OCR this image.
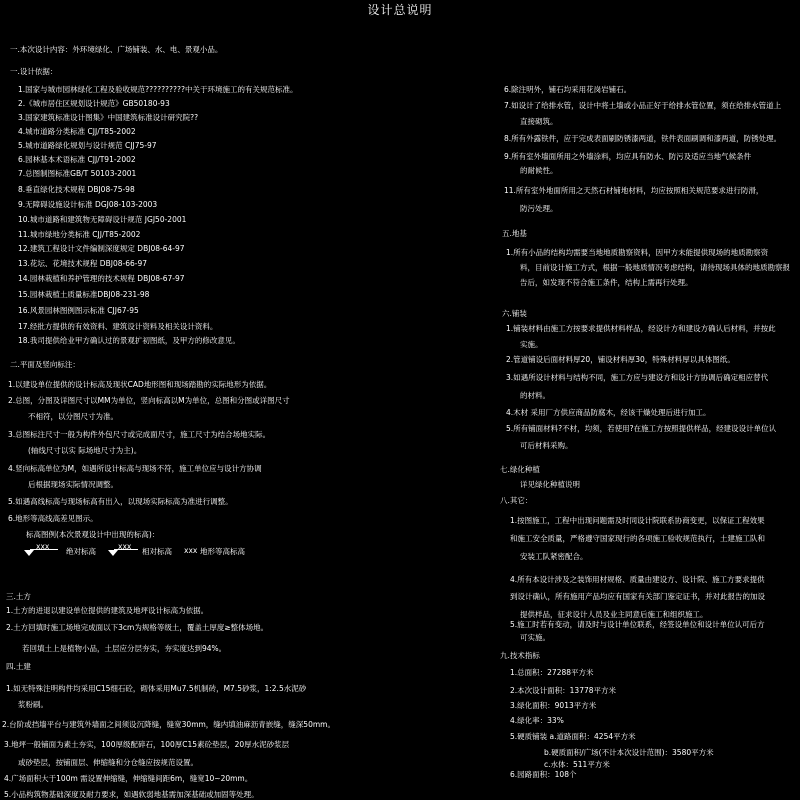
设计总说明
一.本次设计内容：外环境绿化、广场铺装、水、电、景观小品。
一.设计依据：
1.国家与城市园林绿化工程及验收规范??????????中关于环境施工的有关规范标准。
2.《城市居住区规划设计规范》GB50180-93
3.国家建筑标准设计图集》中国建筑标准设计研究院??
4.城市道路分类标准 CJJ/T85-2002
5.城市道路绿化规划与设计规范 CJJ75-97
6.园林基本术语标准 CJJ/T91-2002
7.总图制图标准GB/T 50103-2001
8.垂直绿化技术规程 DBJ08-75-98
9.无障碍设施设计标准 DGJ08-103-2003
10.城市道路和建筑物无障碍设计规范 JGJ50-2001
11.城市绿地分类标准 CJJ/T85-2002
12.建筑工程设计文件编制深度规定 DBJ08-64-97
13.花坛、花境技术规程 DBJ08-66-97
14.园林栽植和养护管理的技术规程 DBJ08-67-97
15.园林栽植土质量标准DBJ08-231-98
16.风景园林图例图示标准 CJJ67-95
17.经批方提供的有效资料、建筑设计资料及相关设计资料。
18.我司提供给业甲方确认过的景观扩初图纸，及甲方的修改意见。
二.平面及竖向标注：
1.以建设单位提供的设计标高及现状CAD地形图和现场踏勘的实际地形为依据。
2.总图，分图及详图尺寸以MM为单位，竖向标高以M为单位，总图和分图或详图尺寸
不相符，以分图尺寸为准。
3.总图标注尺寸一般为构件外包尺寸或完成面尺寸，施工尺寸为结合场地实际。
(轴线尺寸以实 际场地尺寸为主)。
4.竖向标高单位为M，如遇所设计标高与现场不符，施工单位应与设计方协调
后根据现场实际情况调整。
5.如遇高线标高与现场标高有出入，以现场实际标高为准进行调整。
6.地形等高线高差见图示。
标高图例(本次景观设计中出现的标高)：
三.土方
1.土方的进退以建设单位提供的建筑及地坪设计标高为依据。
2.土方回填时施工场地完成面以下3cm为规格等级土，覆盖土厚度≥整体场地。
若回填土上是植物小品，土层应分层夯实，夯实度达到94%。
四.土建
1.如无特殊注明构件均采用C15细石砼，砌体采用Mu7.5机制砖，M7.5砂浆，1:2.5水泥砂
浆粉刷。
2.台阶或挡墙平台与建筑外墙面之间须设沉降缝，缝宽30mm，缝内填油麻沥青嵌缝，缝深50mm。
3.地坪一般铺面为素土夯实，100厚级配碎石，100厚C15素砼垫层，20厚水泥砂浆层
或砂垫层，按铺面层、伸缩缝和分仓缝应按规范设置。
4.广场面积大于100m 需设置伸缩缝，伸缩缝间距6m，缝宽10~20mm。
5.小品构筑物基础深度及耐力要求，如遇软弱地基需加深基础或加固等处理。
6.除注明外，铺石均采用花岗岩铺石。
7.如设计了给排水管，设计中将土墙或小品正好于给排水管位置，须在给排水管道上
直接砌筑。
8.所有外露铁件，应于完成表面刷防锈漆两道，铁件表面刷调和漆两道，防锈处理。
9.所有室外墙面所用之外墙涂料，均应具有防水、防污及适应当地气候条件
的耐候性。
11.所有室外地面所用之天然石材铺地材料，均应按照相关规范要求进行防滑，
防污处理。
五.地基
1.所有小品的结构均需要当地地质勘察资料，因甲方未能提供现场的地质勘察资
料，目前设计施工方式，根据一般地质情况考虑结构，请待现场具体的地质勘察报
告后，如发现不符合施工条件，结构上需再行处理。
六.铺装
1.铺装材料由施工方按要求提供材料样品，经设计方和建设方确认后材料，并按此
实施。
2.管道铺设后面材料厚20，铺设材料厚30，特殊材料厚以具体图纸。
3.如遇所设计材料与结构不同，施工方应与建设方和设计方协调后确定相应替代
的材料。
4.木材 采用厂方供应商品防腐木，经该干燥处理后进行加工。
5.所有铺面材料?不材，均须，若使用?在施工方按照提供样品，经建设设计单位认
可后材料采购。
七.绿化种植
详见绿化种植说明
八.其它：
1.按图施工，工程中出现问题需及时同设计院联系协商变更，以保证工程效果
和施工安全质量，严格遵守国家现行的各项施工验收规范执行，土建施工队和
安装工队紧密配合。
4.所有本设计涉及之装饰用材规格、质量由建设方、设计院、施工方要求提供
到设计确认，所有施用产品均应有国家有关部门鉴定证书，并对此报告的加设
提供样品，征求设计人员及业主同意后施工和组织施工。
5.施工时若有变动，请及时与设计单位联系，经签设单位和设计单位认可后方
可实施。
九.技术指标
1.总面积：27288平方米
2.本次设计面积：13778平方米
3.绿化面积：9013平方米
4.绿化率：33%
5.硬质铺装 a.道路面积：4254平方米
b.硬质面积/广场(不计本次设计范围)：3580平方米
c.水体：511平方米
6.园路面积：108个
xxx
绝对标高
xxx
相对标高 xxx 地形等高标高
